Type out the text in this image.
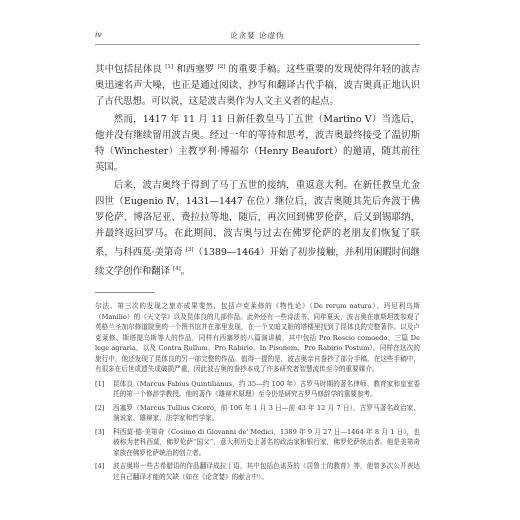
iv	论贪婪 论虚伪

其中包括昆体良 [1] 和西塞罗 [2] 的重要手稿。这些重要的发现使得年轻的波吉奥迅速名声大噪，也正是通过阅读、抄写和翻译古代手稿，波吉奥真正地认识了古代思想。可以说，这是波吉奥作为人文主义者的起点。

然而，1417 年 11 月 11 日新任教皇马丁五世（Martino V）当选后，他并没有继续留用波吉奥。经过一年的等待和思考，波吉奥最终接受了温切斯特（Winchester）主教亨利·博福尔（Henry Beaufort）的邀请，随其前往英国。

后来，波吉奥终于得到了马丁五世的接纳，重返意大利。在新任教皇尤金四世（Eugenio Ⅳ，1431—1447 在位）继位后，波吉奥随其先后奔波于佛罗伦萨、博洛尼亚、费拉拉等地，随后，再次回到佛罗伦萨，后又到锡耶纳，并最终返回罗马。在此期间，波吉奥与过去在佛罗伦萨的老朋友们恢复了联系，与科西莫·美第奇 [3]（1389—1464）开始了初步接触，并利用闲暇时间继续文学创作和翻译 [4]。

尔法、第三次的发现之旅亦成果斐然，包括卢克莱修的《物性论》（De rerum natura）、玛尼利乌斯（Manilio）的《天文学》以及昆体良的几部作品。此外还有一些诗法书、同年夏天，波吉奥在康斯坦茨参观了英格兰圣加尔修道院里的一个图书馆并在那里发现，在一个又暗又脏的塔楼里找到了昆体良的完整著作。以及卢克莱修、斯塔提乌斯等人的作品，同样有西塞罗的八篇演讲稿，其中包括 Pro Roscio comoedo、三篇 De lege agraria，以及 Contra Rullum、Pro Rabirio、In Pisonem、Pro Rabirio Postum）。同样在这次的旅行中，他还发现了昆体良的另一部完整的作品。值得一提的是，波吉奥亲自誊抄了部分手稿，在这些手稿中，有很多在后世或遗失或破损严重，因此波吉奥的誊抄本成了许多研究者智慧流传至今的重要媒介。

[1]	昆体良（Marcus Fabius Quintilianus，约 35—约 100 年）古罗马时期的著名律师、教育家和皇室委托的第一个修辞学教授。他的著作《雄辩术原理》至今仍是研究古罗马修辞学的重要参考。
[2]	西塞罗（Marcus Tullius Cicero，前 106 年 1 月 3 日—前 43 年 12 月 7 日），古罗马著名政治家、演说家、雄辩家、法学家和哲学家。
[3]	科西莫·德·美第奇（Cosimo di Giovanni de' Medici，1389 年 9 月 27 日—1464 年 8 月 1 日），也被称为老科西莫，佛罗伦萨“国父”，意大利历史上著名的政治家和银行家，佛罗伦萨统治者。他是美第奇家族在佛罗伦萨统治的创立者。
[4]	波吉奥将一些古希腊语的作品翻译成拉丁语，其中包括色诺芬的《居鲁士的教育》等，他曾多次公开表达过自己翻译才能的欠缺（如在《论贪婪》的献言中）。
